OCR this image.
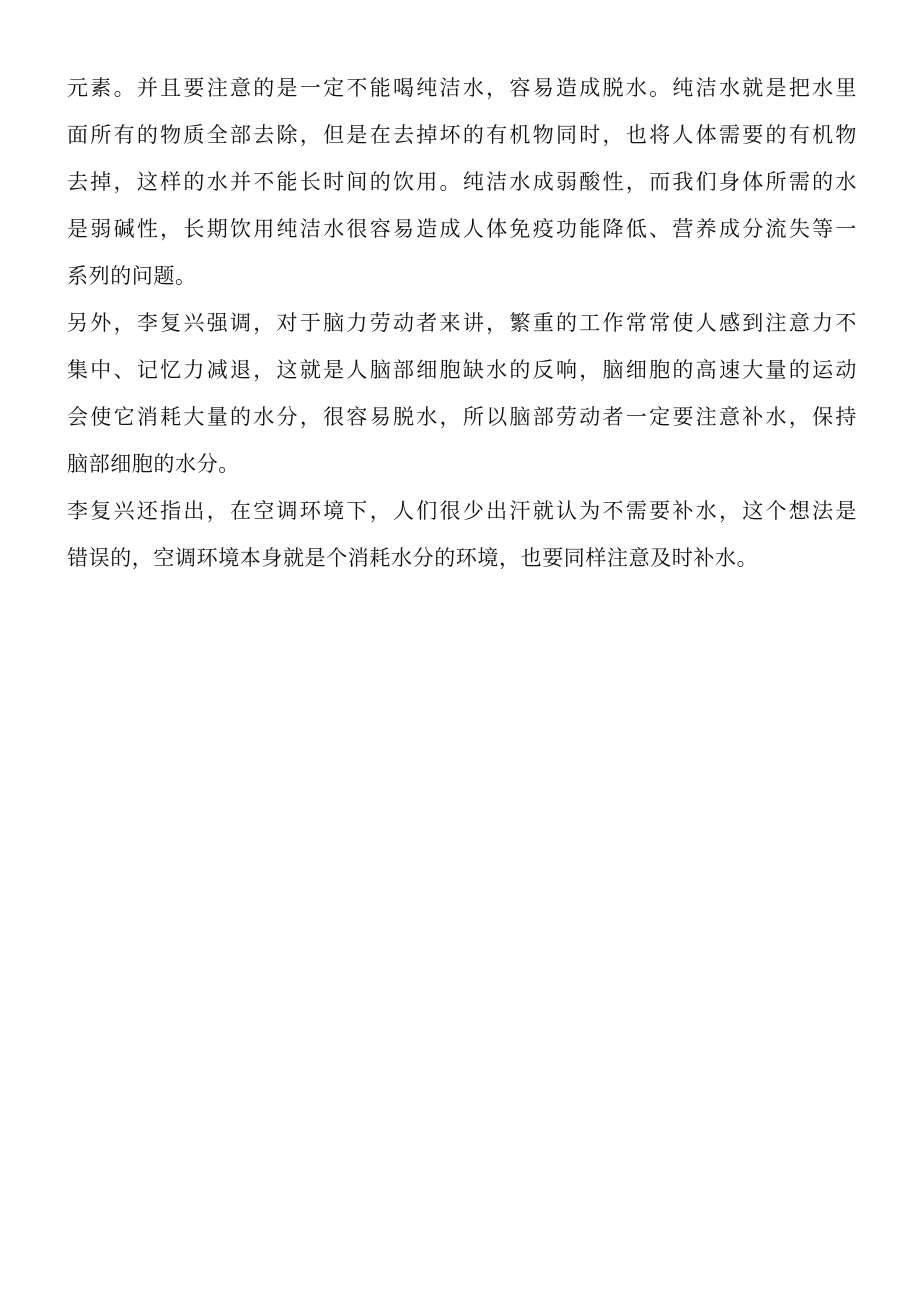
元素。并且要注意的是一定不能喝纯洁水，容易造成脱水。纯洁水就是把水里
面所有的物质全部去除，但是在去掉坏的有机物同时，也将人体需要的有机物
去掉，这样的水并不能长时间的饮用。纯洁水成弱酸性，而我们身体所需的水
是弱碱性，长期饮用纯洁水很容易造成人体免疫功能降低、营养成分流失等一
系列的问题。
另外，李复兴强调，对于脑力劳动者来讲，繁重的工作常常使人感到注意力不
集中、记忆力减退，这就是人脑部细胞缺水的反响，脑细胞的高速大量的运动
会使它消耗大量的水分，很容易脱水，所以脑部劳动者一定要注意补水，保持
脑部细胞的水分。
李复兴还指出，在空调环境下，人们很少出汗就认为不需要补水，这个想法是
错误的，空调环境本身就是个消耗水分的环境，也要同样注意及时补水。
